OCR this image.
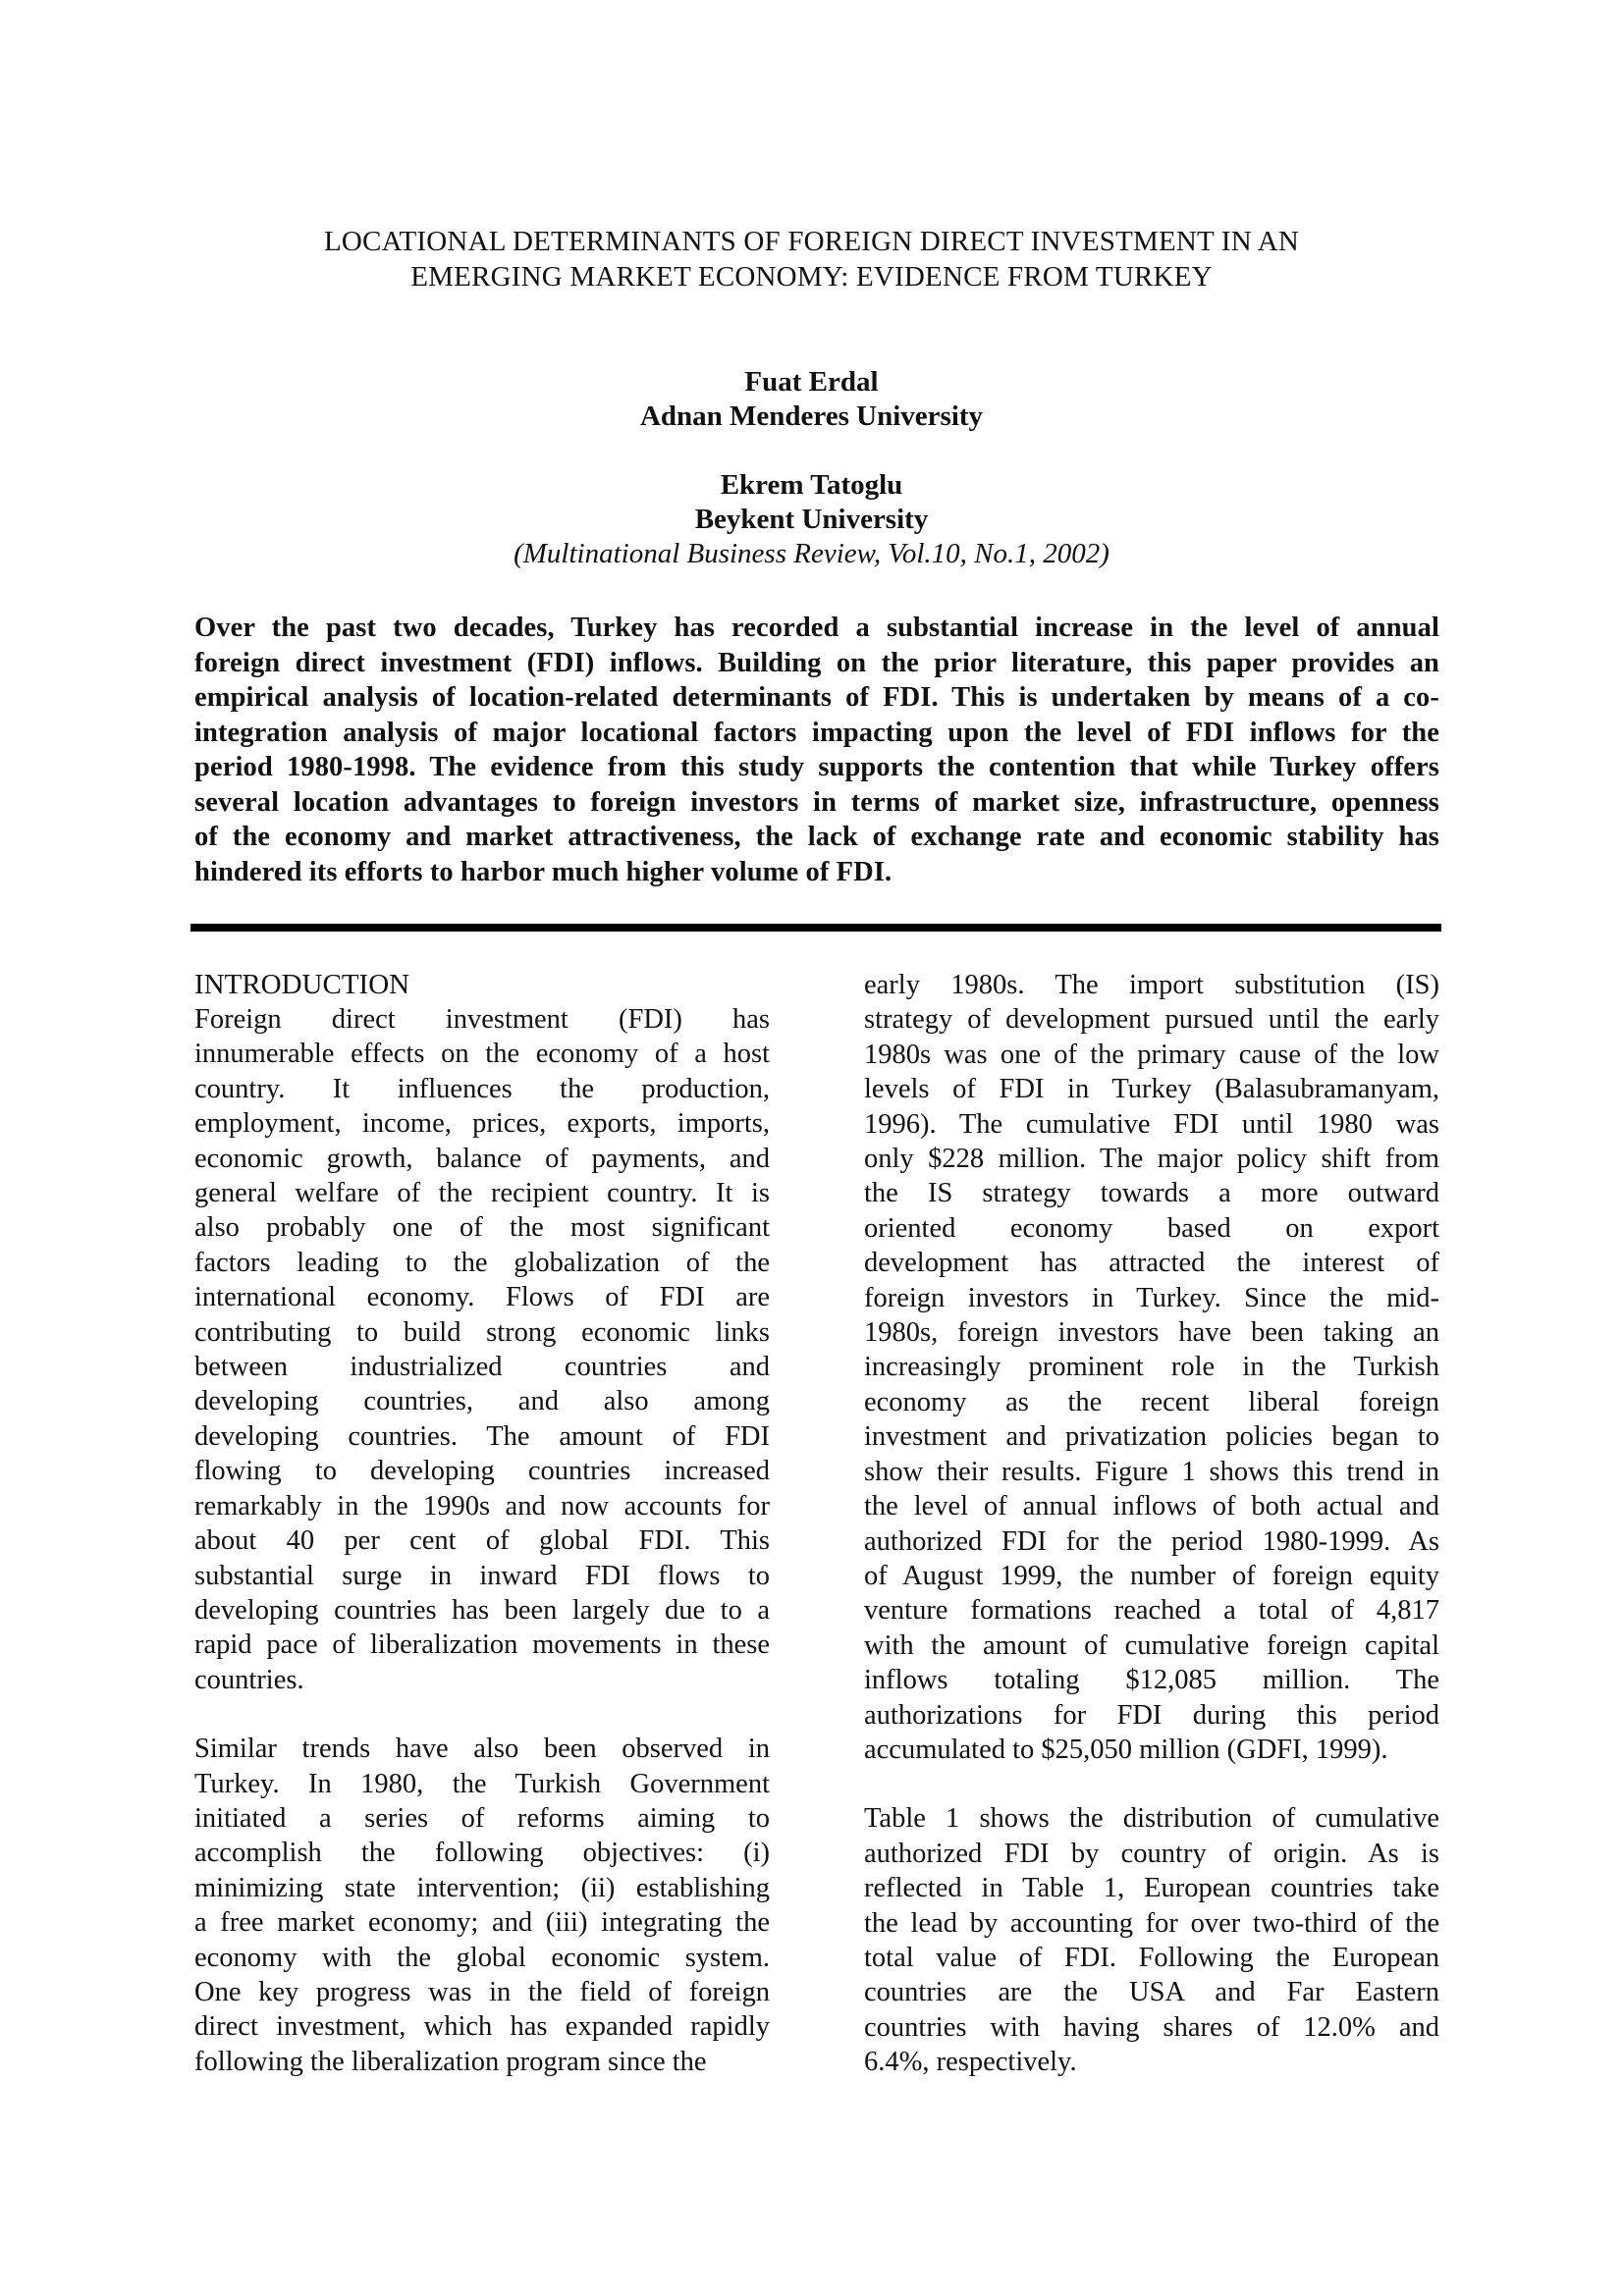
LOCATIONAL DETERMINANTS OF FOREIGN DIRECT INVESTMENT IN AN
EMERGING MARKET ECONOMY: EVIDENCE FROM TURKEY
Fuat Erdal
Adnan Menderes University
Ekrem Tatoglu
Beykent University
(Multinational Business Review, Vol.10, No.1, 2002)
Over the past two decades, Turkey has recorded a substantial increase in the level of annual
foreign direct investment (FDI) inflows. Building on the prior literature, this paper provides an
empirical analysis of location-related determinants of FDI. This is undertaken by means of a co-
integration analysis of major locational factors impacting upon the level of FDI inflows for the
period 1980-1998. The evidence from this study supports the contention that while Turkey offers
several location advantages to foreign investors in terms of market size, infrastructure, openness
of the economy and market attractiveness, the lack of exchange rate and economic stability has
hindered its efforts to harbor much higher volume of FDI.
INTRODUCTION
Foreign direct investment (FDI) has
innumerable effects on the economy of a host
country. It influences the production,
employment, income, prices, exports, imports,
economic growth, balance of payments, and
general welfare of the recipient country. It is
also probably one of the most significant
factors leading to the globalization of the
international economy. Flows of FDI are
contributing to build strong economic links
between industrialized countries and
developing countries, and also among
developing countries. The amount of FDI
flowing to developing countries increased
remarkably in the 1990s and now accounts for
about 40 per cent of global FDI. This
substantial surge in inward FDI flows to
developing countries has been largely due to a
rapid pace of liberalization movements in these
countries.
Similar trends have also been observed in
Turkey. In 1980, the Turkish Government
initiated a series of reforms aiming to
accomplish the following objectives: (i)
minimizing state intervention; (ii) establishing
a free market economy; and (iii) integrating the
economy with the global economic system.
One key progress was in the field of foreign
direct investment, which has expanded rapidly
following the liberalization program since the
early 1980s. The import substitution (IS)
strategy of development pursued until the early
1980s was one of the primary cause of the low
levels of FDI in Turkey (Balasubramanyam,
1996). The cumulative FDI until 1980 was
only $228 million. The major policy shift from
the IS strategy towards a more outward
oriented economy based on export
development has attracted the interest of
foreign investors in Turkey. Since the mid-
1980s, foreign investors have been taking an
increasingly prominent role in the Turkish
economy as the recent liberal foreign
investment and privatization policies began to
show their results. Figure 1 shows this trend in
the level of annual inflows of both actual and
authorized FDI for the period 1980-1999. As
of August 1999, the number of foreign equity
venture formations reached a total of 4,817
with the amount of cumulative foreign capital
inflows totaling $12,085 million. The
authorizations for FDI during this period
accumulated to $25,050 million (GDFI, 1999).
Table 1 shows the distribution of cumulative
authorized FDI by country of origin. As is
reflected in Table 1, European countries take
the lead by accounting for over two-third of the
total value of FDI. Following the European
countries are the USA and Far Eastern
countries with having shares of 12.0% and
6.4%, respectively.
